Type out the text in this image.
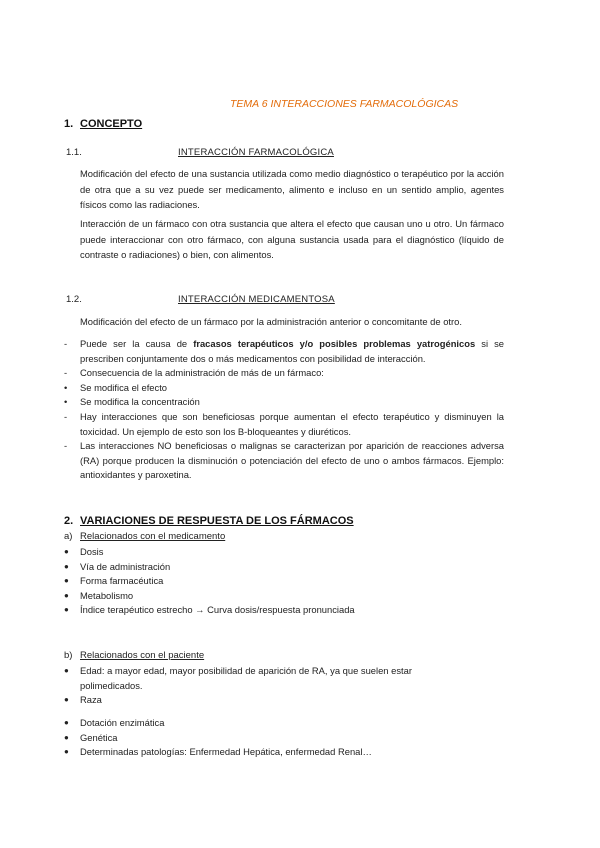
TEMA 6 INTERACCIONES FARMACOLÓGICAS
1. CONCEPTO
1.1.	INTERACCIÓN FARMACOLÓGICA
Modificación del efecto de una sustancia utilizada como medio diagnóstico o terapéutico por la acción de otra que a su vez puede ser medicamento, alimento e incluso en un sentido amplio, agentes físicos como las radiaciones.
Interacción de un fármaco con otra sustancia que altera el efecto que causan uno u otro. Un fármaco puede interaccionar con otro fármaco, con alguna sustancia usada para el diagnóstico (líquido de contraste o radiaciones) o bien, con alimentos.
1.2.	INTERACCIÓN MEDICAMENTOSA
Modificación del efecto de un fármaco por la administración anterior o concomitante de otro.
- Puede ser la causa de fracasos terapéuticos y/o posibles problemas yatrogénicos si se prescriben conjuntamente dos o más medicamentos con posibilidad de interacción.
- Consecuencia de la administración de más de un fármaco:
• Se modifica el efecto
• Se modifica la concentración
- Hay interacciones que son beneficiosas porque aumentan el efecto terapéutico y disminuyen la toxicidad. Un ejemplo de esto son los B-bloqueantes y diuréticos.
- Las interacciones NO beneficiosas o malignas se caracterizan por aparición de reacciones adversa (RA) porque producen la disminución o potenciación del efecto de uno o ambos fármacos. Ejemplo: antioxidantes y paroxetina.
2. VARIACIONES DE RESPUESTA DE LOS FÁRMACOS
a) Relacionados con el medicamento
● Dosis
● Vía de administración
● Forma farmacéutica
● Metabolismo
● Índice terapéutico estrecho → Curva dosis/respuesta pronunciada
b) Relacionados con el paciente
● Edad: a mayor edad, mayor posibilidad de aparición de RA, ya que suelen estar polimedicados.
● Raza
● Dotación enzimática
● Genética
● Determinadas patologías: Enfermedad Hepática, enfermedad Renal…
